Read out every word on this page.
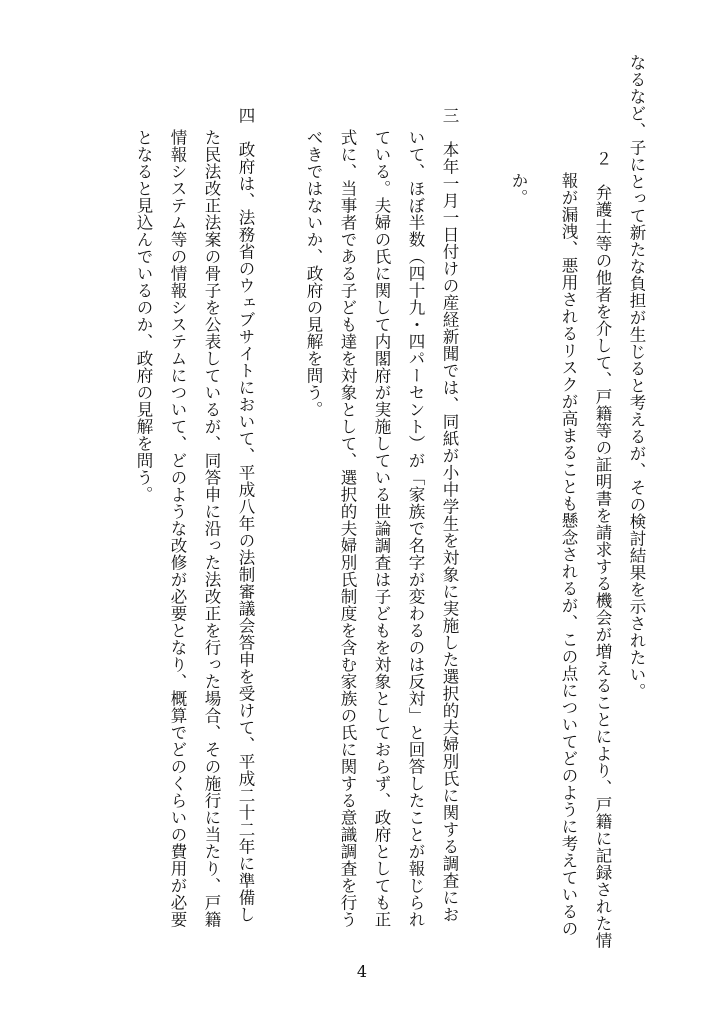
なるなど、子にとって新たな負担が生じると考えるが、その検討結果を示されたい。

２　弁護士等の他者を介して、戸籍等の証明書を請求する機会が増えることにより、戸籍に記録された情

報が漏洩、悪用されるリスクが高まることも懸念されるが、この点についてどのように考えているの

か。

三　本年一月一日付けの産経新聞では、同紙が小中学生を対象に実施した選択的夫婦別氏に関する調査にお

いて、ほぼ半数（四十九・四パーセント）が「家族で名字が変わるのは反対」と回答したことが報じられ

ている。夫婦の氏に関して内閣府が実施している世論調査は子どもを対象としておらず、政府としても正

式に、当事者である子ども達を対象として、選択的夫婦別氏制度を含む家族の氏に関する意識調査を行う

べきではないか、政府の見解を問う。

四　政府は、法務省のウェブサイトにおいて、平成八年の法制審議会答申を受けて、平成二十二年に準備し

た民法改正法案の骨子を公表しているが、同答申に沿った法改正を行った場合、その施行に当たり、戸籍

情報システム等の情報システムについて、どのような改修が必要となり、概算でどのくらいの費用が必要

となると見込んでいるのか、政府の見解を問う。

4
